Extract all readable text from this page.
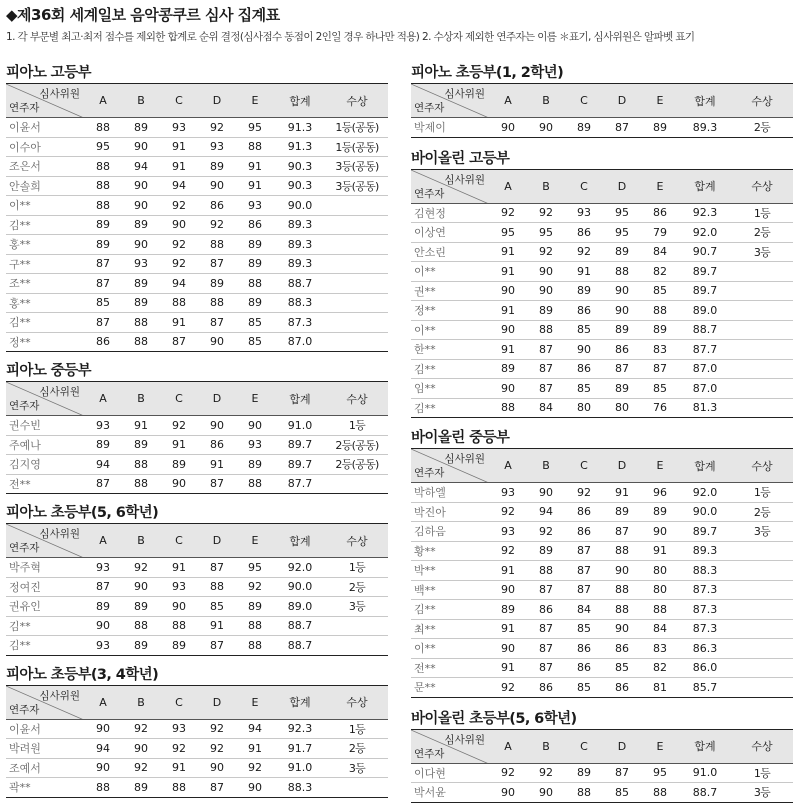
◆제36회 세계일보 음악콩쿠르 심사 집계표
1. 각 부문별 최고·최저 점수를 제외한 합계로 순위 결정(심사점수 동점이 2인일 경우 하나만 적용) 2. 수상자 제외한 연주자는 이름 ＊표기, 심사위원은 알파벳 표기
피아노 고등부
심사위원
연주자	A	B	C	D	E	합계	수상
이윤서	88	89	93	92	95	91.3	1등(공동)
이수아	95	90	91	93	88	91.3	1등(공동)
조은서	88	94	91	89	91	90.3	3등(공동)
안솔희	88	90	94	90	91	90.3	3등(공동)
이**	88	90	92	86	93	90.0	
김**	89	89	90	92	86	89.3	
홍**	89	90	92	88	89	89.3	
구**	87	93	92	87	89	89.3	
조**	87	89	94	89	88	88.7	
홍**	85	89	88	88	89	88.3	
김**	87	88	91	87	85	87.3	
정**	86	88	87	90	85	87.0	
피아노 중등부
심사위원
연주자	A	B	C	D	E	합계	수상
권수빈	93	91	92	90	90	91.0	1등
주예나	89	89	91	86	93	89.7	2등(공동)
김지영	94	88	89	91	89	89.7	2등(공동)
전**	87	88	90	87	88	87.7	
피아노 초등부(5, 6학년)
심사위원
연주자	A	B	C	D	E	합계	수상
박주혁	93	92	91	87	95	92.0	1등
정여진	87	90	93	88	92	90.0	2등
권유인	89	89	90	85	89	89.0	3등
김**	90	88	88	91	88	88.7	
김**	93	89	89	87	88	88.7	
피아노 초등부(3, 4학년)
심사위원
연주자	A	B	C	D	E	합계	수상
이윤서	90	92	93	92	94	92.3	1등
박려원	94	90	92	92	91	91.7	2등
조예서	90	92	91	90	92	91.0	3등
곽**	88	89	88	87	90	88.3	
피아노 초등부(1, 2학년)
심사위원
연주자	A	B	C	D	E	합계	수상
박제이	90	90	89	87	89	89.3	2등
바이올린 고등부
심사위원
연주자	A	B	C	D	E	합계	수상
김현정	92	92	93	95	86	92.3	1등
이상연	95	95	86	95	79	92.0	2등
안소린	91	92	92	89	84	90.7	3등
이**	91	90	91	88	82	89.7	
권**	90	90	89	90	85	89.7	
정**	91	89	86	90	88	89.0	
이**	90	88	85	89	89	88.7	
한**	91	87	90	86	83	87.7	
김**	89	87	86	87	87	87.0	
임**	90	87	85	89	85	87.0	
김**	88	84	80	80	76	81.3	
바이올린 중등부
심사위원
연주자	A	B	C	D	E	합계	수상
박하엘	93	90	92	91	96	92.0	1등
박진아	92	94	86	89	89	90.0	2등
김하음	93	92	86	87	90	89.7	3등
황**	92	89	87	88	91	89.3	
박**	91	88	87	90	80	88.3	
백**	90	87	87	88	80	87.3	
김**	89	86	84	88	88	87.3	
최**	91	87	85	90	84	87.3	
이**	90	87	86	86	83	86.3	
전**	91	87	86	85	82	86.0	
문**	92	86	85	86	81	85.7	
바이올린 초등부(5, 6학년)
심사위원
연주자	A	B	C	D	E	합계	수상
이다현	92	92	89	87	95	91.0	1등
박서윤	90	90	88	85	88	88.7	3등
